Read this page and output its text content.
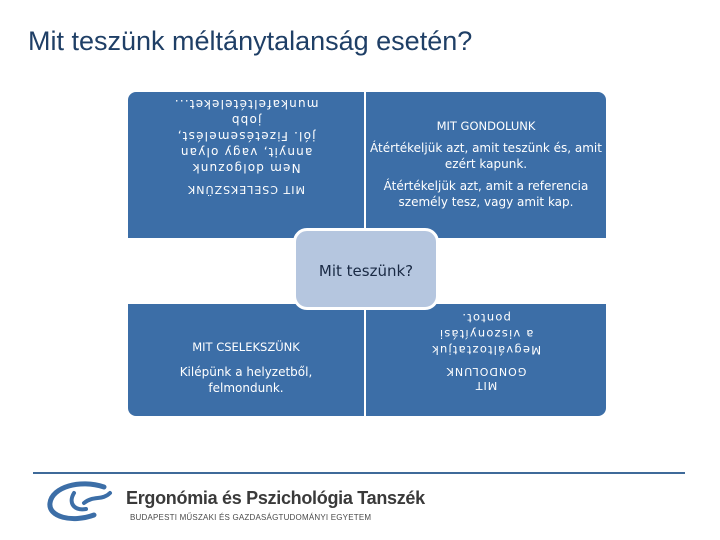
Mit teszünk méltánytalanság esetén?
MIT CSELEKSZÜNK
Nem dolgozunk annyit, vagy olyan jól. Fizetésemelést, jobb munkafeltételeket...
MIT GONDOLUNK

Átértékeljük azt, amit teszünk és, amit ezért kapunk.

Átértékeljük azt, amit a referencia személy tesz, vagy amit kap.

MIT CSELEKSZÜNK
Kilépünk a helyzetből, felmondunk.	MIT GONDOLUNK
Megváltoztatjuk a viszonyítási pontot.
Mit teszünk?
Ergonómia és Pszichológia Tanszék
BUDAPESTI MŰSZAKI ÉS GAZDASÁGTUDOMÁNYI EGYETEM
